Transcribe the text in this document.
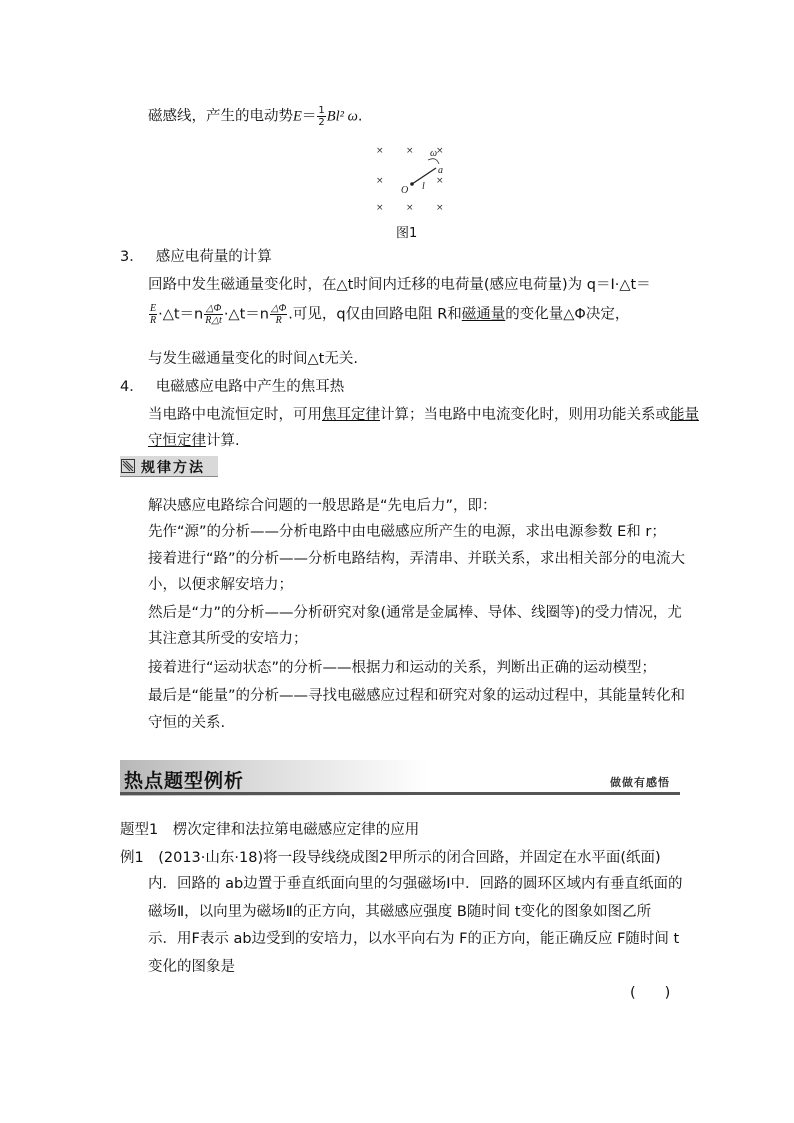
磁感线，产生的电动势$E= \frac{1}{2} Bl^2$ ω.
× × ×
×	×
× × ×
ω
a
O l
图1
3． 感应电荷量的计算
回路中发生磁通量变化时，在△t时间内迁移的电荷量(感应电荷量)为 q＝I·△t＝
$\frac{E}{R}$ ·△t＝n $\frac{\triangle\Phi}{R\triangle t}$ ·△t＝n $\frac{\triangle\Phi}{R}$ .可见，q仅由回路电阻 R和磁通量的变化量△Φ决定，
与发生磁通量变化的时间△t无关.
4． 电磁感应电路中产生的焦耳热
当电路中电流恒定时，可用焦耳定律计算；当电路中电流变化时，则用功能关系或能量
守恒定律计算.
规律方法
解决感应电路综合问题的一般思路是“先电后力”，即：
先作“源”的分析——分析电路中由电磁感应所产生的电源，求出电源参数 E和 r；
接着进行“路”的分析——分析电路结构，弄清串、并联关系，求出相关部分的电流大
小，以便求解安培力；
然后是“力”的分析——分析研究对象(通常是金属棒、导体、线圈等)的受力情况，尤
其注意其所受的安培力；
接着进行“运动状态”的分析——根据力和运动的关系，判断出正确的运动模型；
最后是“能量”的分析——寻找电磁感应过程和研究对象的运动过程中，其能量转化和
守恒的关系.
热点题型例析	做做有感悟
题型1　楞次定律和法拉第电磁感应定律的应用
例1　(2013·山东·18)将一段导线绕成图2甲所示的闭合回路，并固定在水平面(纸面)
内．回路的 ab边置于垂直纸面向里的匀强磁场Ⅰ中．回路的圆环区域内有垂直纸面的
磁场Ⅱ，以向里为磁场Ⅱ的正方向，其磁感应强度 B随时间 t变化的图象如图乙所
示．用F表示 ab边受到的安培力，以水平向右为 F的正方向，能正确反应 F随时间 t
变化的图象是
(　　)
